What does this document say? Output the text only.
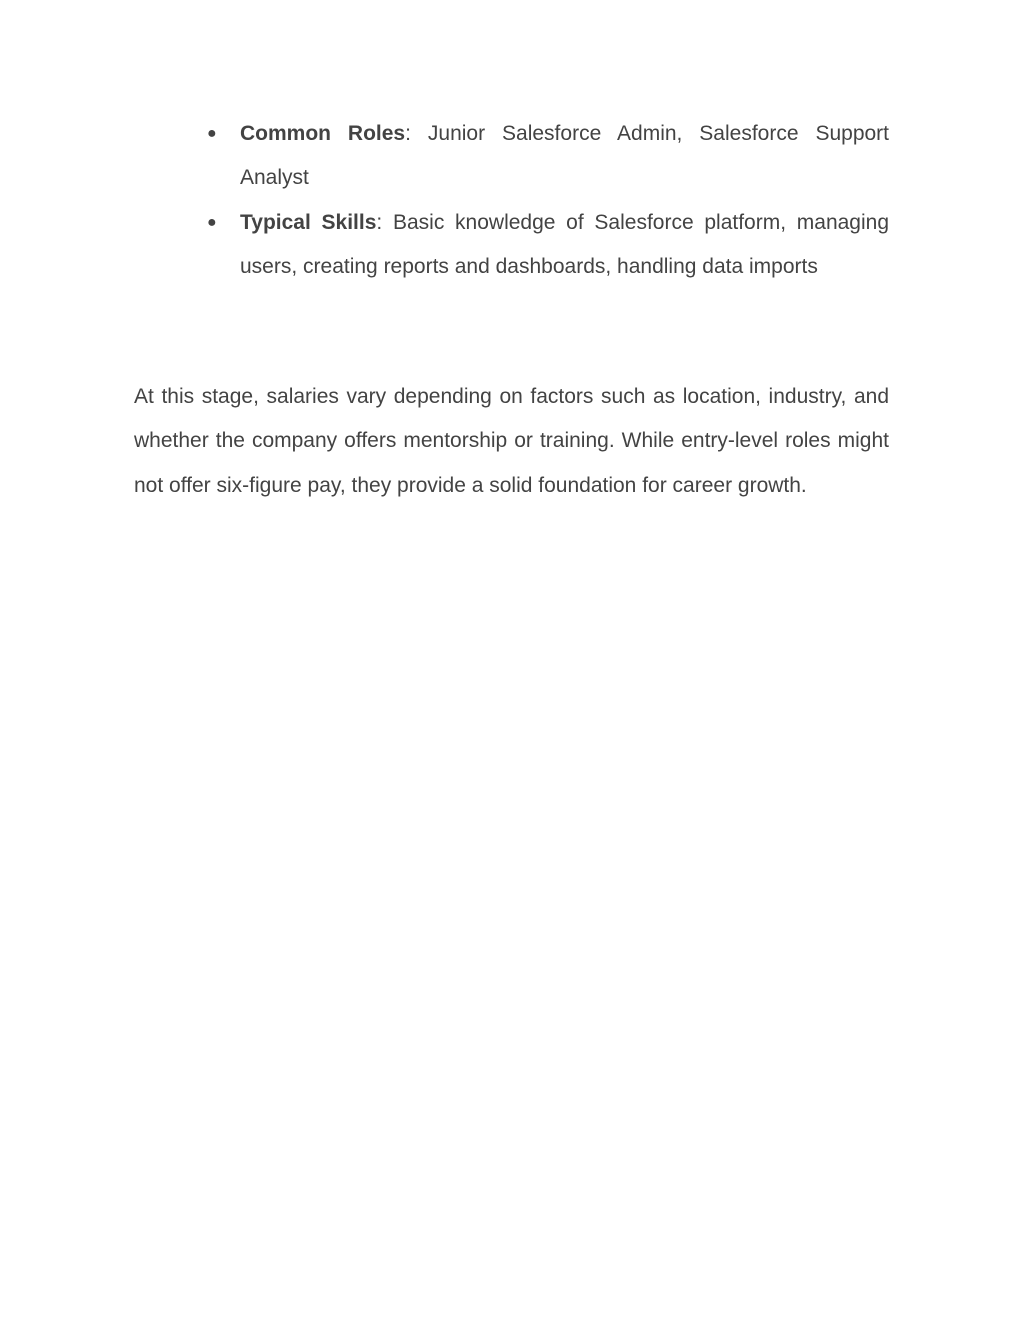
●	Common Roles: Junior Salesforce Admin, Salesforce Support Analyst
●	Typical Skills: Basic knowledge of Salesforce platform, managing users, creating reports and dashboards, handling data imports

At this stage, salaries vary depending on factors such as location, industry, and whether the company offers mentorship or training. While entry-level roles might not offer six-figure pay, they provide a solid foundation for career growth.
